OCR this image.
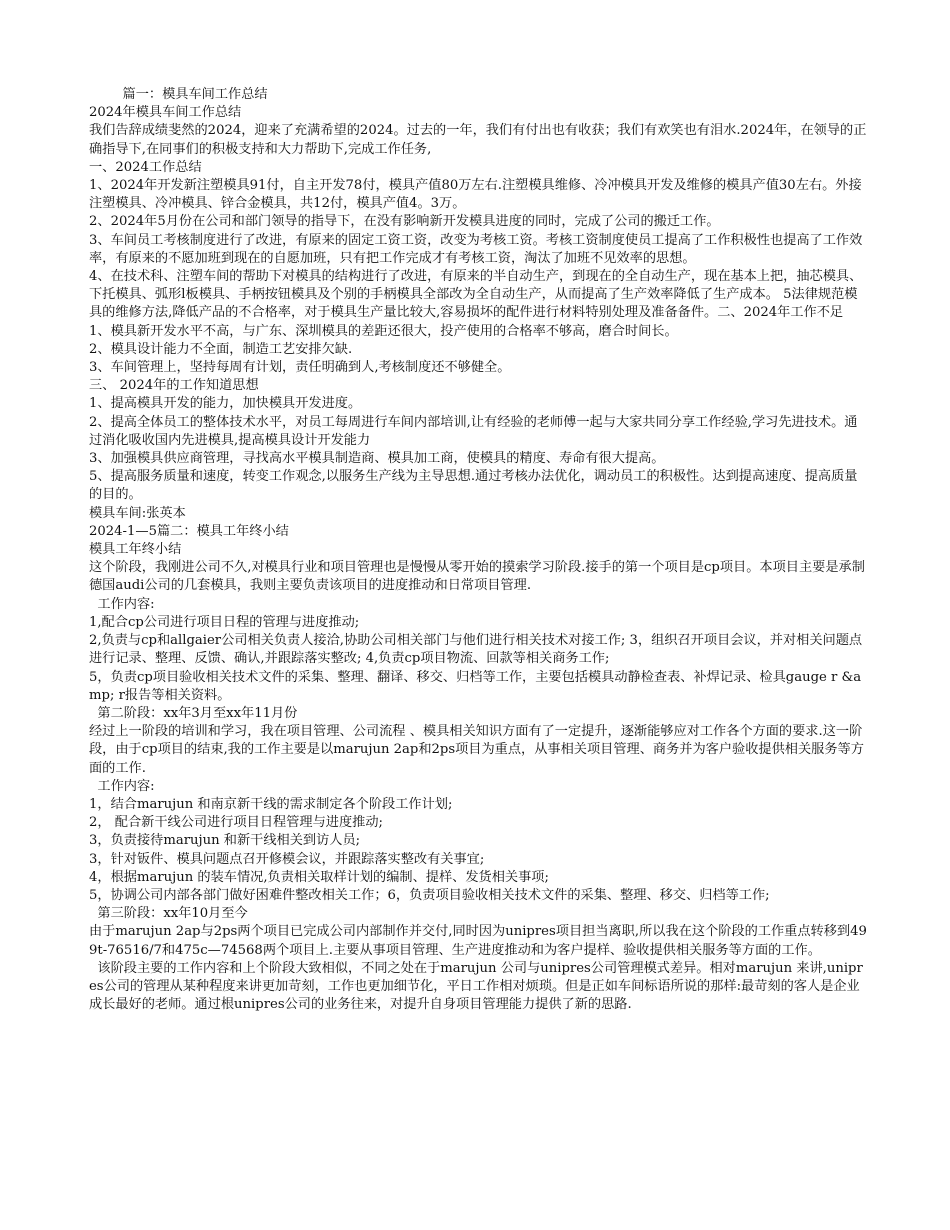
篇一：模具车间工作总结

2024年模具车间工作总结

我们告辞成绩斐然的2024，迎来了充满希望的2024。过去的一年，我们有付出也有收获；我们有欢笑也有泪水.2024年，在领导的正确指导下,在同事们的积极支持和大力帮助下,完成工作任务,

一、2024工作总结

1、2024年开发新注塑模具91付，自主开发78付，模具产值80万左右.注塑模具维修、冷冲模具开发及维修的模具产值30左右。外接注塑模具、冷冲模具、锌合金模具，共12付，模具产值4。3万。

2、2024年5月份在公司和部门领导的指导下，在没有影响新开发模具进度的同时，完成了公司的搬迁工作。

3、车间员工考核制度进行了改进，有原来的固定工资工资，改变为考核工资。考核工资制度使员工提高了工作积极性也提高了工作效率，有原来的不愿加班到现在的自愿加班，只有把工作完成才有考核工资，淘汰了加班不见效率的思想。

4、在技术科、注塑车间的帮助下对模具的结构进行了改进，有原来的半自动生产，到现在的全自动生产，现在基本上把，抽芯模具、下托模具、弧形l板模具、手柄按钮模具及个别的手柄模具全部改为全自动生产，从而提高了生产效率降低了生产成本。 5法律规范模具的维修方法,降低产品的不合格率，对于模具生产量比较大,容易损坏的配件进行材料特别处理及准备备件。二、2024年工作不足

1、模具新开发水平不高，与广东、深圳模具的差距还很大，投产使用的合格率不够高，磨合时间长。

2、模具设计能力不全面，制造工艺安排欠缺.

3、车间管理上，坚持每周有计划，责任明确到人,考核制度还不够健全。

三、 2024年的工作知道思想

1、提高模具开发的能力，加快模具开发进度。

2、提高全体员工的整体技术水平，对员工每周进行车间内部培训,让有经验的老师傅一起与大家共同分享工作经验,学习先进技术。通过消化吸收国内先进模具,提高模具设计开发能力

3、加强模具供应商管理，寻找高水平模具制造商、模具加工商，使模具的精度、寿命有很大提高。

5、提高服务质量和速度，转变工作观念,以服务生产线为主导思想.通过考核办法优化，调动员工的积极性。达到提高速度、提高质量的目的。

模具车间:张英本

2024-1—5篇二：模具工年终小结

模具工年终小结

这个阶段，我刚进公司不久,对模具行业和项目管理也是慢慢从零开始的摸索学习阶段.接手的第一个项目是cp项目。本项目主要是承制德国audi公司的几套模具，我则主要负责该项目的进度推动和日常项目管理.

工作内容:

1,配合cp公司进行项目日程的管理与进度推动;

2,负责与cp和allgaier公司相关负责人接洽,协助公司相关部门与他们进行相关技术对接工作; 3，组织召开项目会议，并对相关问题点进行记录、整理、反馈、确认,并跟踪落实整改; 4,负责cp项目物流、回款等相关商务工作;

5，负责cp项目验收相关技术文件的采集、整理、翻译、移交、归档等工作，主要包括模具动静检查表、补焊记录、检具gauge r &amp; r报告等相关资料。

第二阶段：xx年3月至xx年11月份

经过上一阶段的培训和学习，我在项目管理、公司流程 、模具相关知识方面有了一定提升，逐渐能够应对工作各个方面的要求.这一阶段，由于cp项目的结束,我的工作主要是以marujun 2ap和2ps项目为重点，从事相关项目管理、商务并为客户验收提供相关服务等方面的工作.

工作内容:

1，结合marujun 和南京新干线的需求制定各个阶段工作计划;

2， 配合新干线公司进行项目日程管理与进度推动;

3，负责接待marujun 和新干线相关到访人员;

3，针对钣件、模具问题点召开修模会议，并跟踪落实整改有关事宜;

4，根据marujun 的装车情况,负责相关取样计划的编制、提样、发货相关事项;

5，协调公司内部各部门做好困难件整改相关工作；6，负责项目验收相关技术文件的采集、整理、移交、归档等工作;

第三阶段：xx年10月至今

由于marujun 2ap与2ps两个项目已完成公司内部制作并交付,同时因为unipres项目担当离职,所以我在这个阶段的工作重点转移到499t-76516/7和475c—74568两个项目上.主要从事项目管理、生产进度推动和为客户提样、验收提供相关服务等方面的工作。

该阶段主要的工作内容和上个阶段大致相似，不同之处在于marujun 公司与unipres公司管理模式差异。相对marujun 来讲,unipres公司的管理从某种程度来讲更加苛刻，工作也更加细节化，平日工作相对烦琐。但是正如车间标语所说的那样:最苛刻的客人是企业成长最好的老师。通过根unipres公司的业务往来，对提升自身项目管理能力提供了新的思路.
